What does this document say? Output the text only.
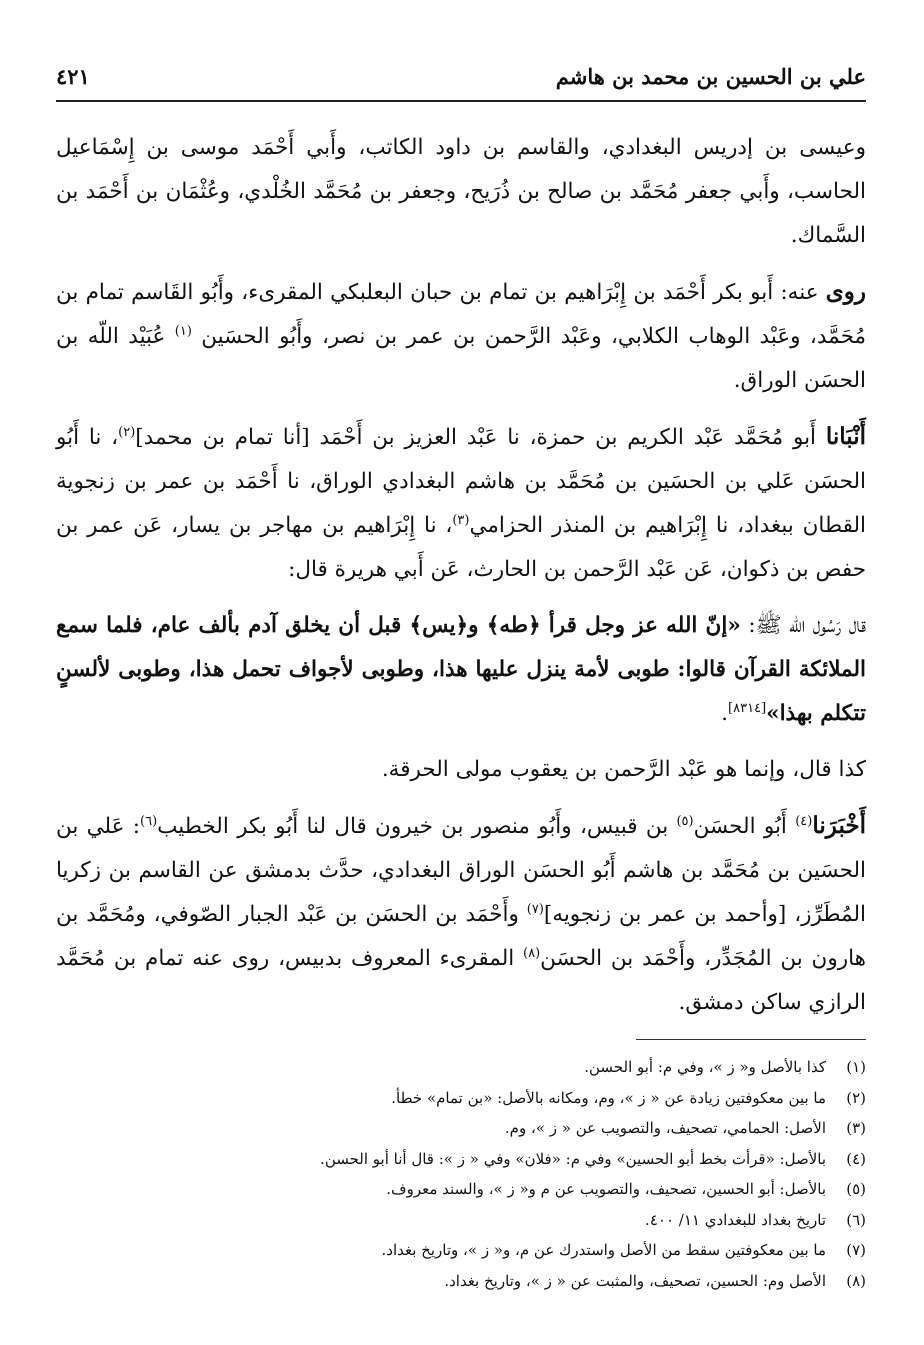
علي بن الحسين بن محمد بن هاشم
٤٢١

وعيسى بن إدريس البغدادي، والقاسم بن داود الكاتب، وأَبي أَحْمَد موسى بن إِسْمَاعيل الحاسب، وأَبي جعفر مُحَمَّد بن صالح بن ذُرَيح، وجعفر بن مُحَمَّد الخُلْدي، وعُثْمَان بن أَحْمَد بن السَّماك.

روى عنه: أَبو بكر أَحْمَد بن إِبْرَاهيم بن تمام بن حبان البعلبكي المقرىء، وأَبُو القَاسم تمام بن مُحَمَّد، وعَبْد الوهاب الكلابي، وعَبْد الرَّحمن بن عمر بن نصر، وأَبُو الحسَين $^{(١)}$ عُبَيْد اللّه بن الحسَن الوراق.

أَنْبَانا أَبو مُحَمَّد عَبْد الكريم بن حمزة، نا عَبْد العزيز بن أَحْمَد [أنا تمام بن محمد]$^{(٢)}$، نا أَبُو الحسَن عَلي بن الحسَين بن مُحَمَّد بن هاشم البغدادي الوراق، نا أَحْمَد بن عمر بن زنجوية القطان ببغداد، نا إِبْرَاهيم بن المنذر الحزامي$^{(٣)}$، نا إِبْرَاهيم بن مهاجر بن يسار، عَن عمر بن حفص بن ذكوان، عَن عَبْد الرَّحمن بن الحارث، عَن أَبي هريرة قال:

قال رَسُول اللّه ﷺ: «إنّ الله عز وجل قرأ ﴿طه﴾ و﴿يس﴾ قبل أن يخلق آدم بألف عام، فلما سمع الملائكة القرآن قالوا: طوبى لأمة ينزل عليها هذا، وطوبى لأجواف تحمل هذا، وطوبى لألسنٍ تتكلم بهذا»[٨٣١٤].

كذا قال، وإنما هو عَبْد الرَّحمن بن يعقوب مولى الحرقة.

أَخْبَرَنا$^{(٤)}$ أَبُو الحسَن$^{(٥)}$ بن قبيس، وأَبُو منصور بن خيرون قال لنا أَبُو بكر الخطيب$^{(٦)}$: عَلي بن الحسَين بن مُحَمَّد بن هاشم أَبُو الحسَن الوراق البغدادي، حدَّث بدمشق عن القاسم بن زكريا المُطَرِّز، [وأحمد بن عمر بن زنجويه]$^{(٧)}$ وأَحْمَد بن الحسَن بن عَبْد الجبار الصّوفي، ومُحَمَّد بن هارون بن المُجَدِّر، وأَحْمَد بن الحسَن$^{(٨)}$ المقرىء المعروف بدبيس، روى عنه تمام بن مُحَمَّد الرازي ساكن دمشق.

(١)
كذا بالأصل و« ز »، وفي م: أبو الحسن.
(٢)
ما بين معكوفتين زيادة عن « ز »، وم، ومكانه بالأصل: «بن تمام» خطأ.
(٣)
الأصل: الحمامي، تصحيف، والتصويب عن « ز »، وم.
(٤)
بالأصل: «قرأت بخط أبو الحسين» وفي م: «فلان» وفي « ز »: قال أنا أبو الحسن.
(٥)
بالأصل: أبو الحسين، تصحيف، والتصويب عن م و« ز »، والسند معروف.
(٦)
تاريخ بغداد للبغدادي ١١/ ٤٠٠.
(٧)
ما بين معكوفتين سقط من الأصل واستدرك عن م، و« ز »، وتاريخ بغداد.
(٨)
الأصل وم: الحسين، تصحيف، والمثبت عن « ز »، وتاريخ بغداد.
